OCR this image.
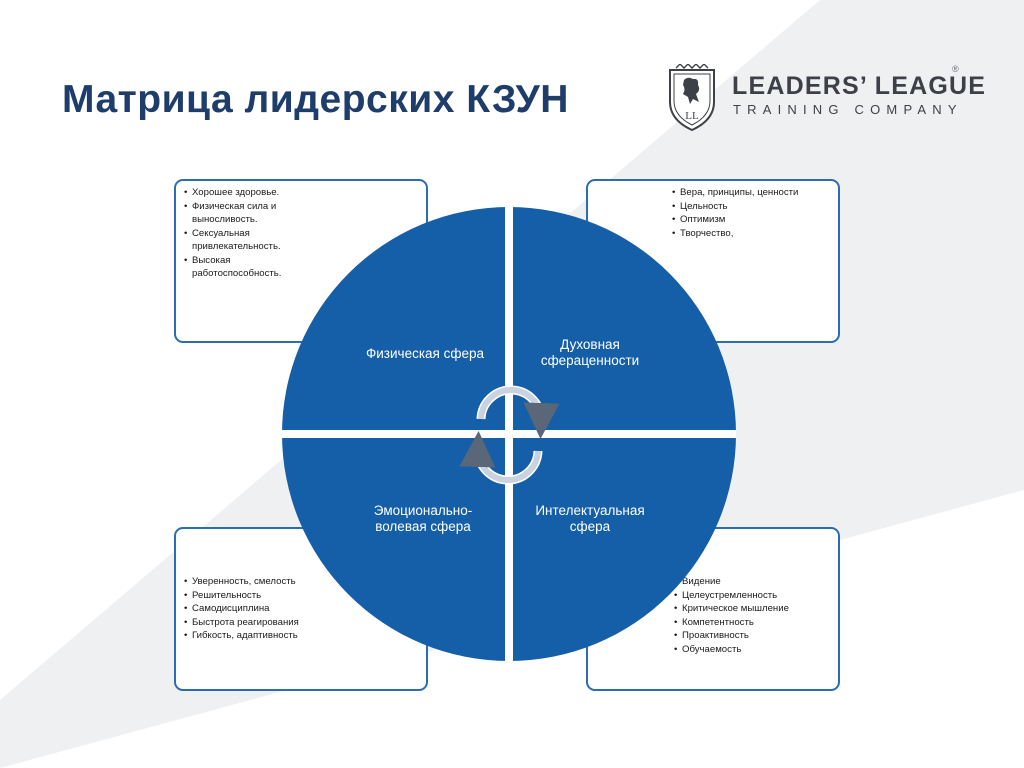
Матрица лидерских КЗУН	LL
LEADERS’ LEAGUE
TRAINING COMPANY
®
• Хорошее здоровье.
• Физическая сила и
выносливость.
• Сексуальная
привлекательность.
• Высокая
работоспособность.
• Вера, принципы, ценности
• Цельность
• Оптимизм
• Творчество,
• Уверенность, смелость
• Решительность
• Самодисциплина
• Быстрота реагирования
• Гибкость, адаптивность
• Видение
• Целеустремленность
• Критическое мышление
• Компетентность
• Проактивность
• Обучаемость
Физическая сфера
Духовная
сфераценности
Эмоционально-
волевая сфера
Интелектуальная
сфера
